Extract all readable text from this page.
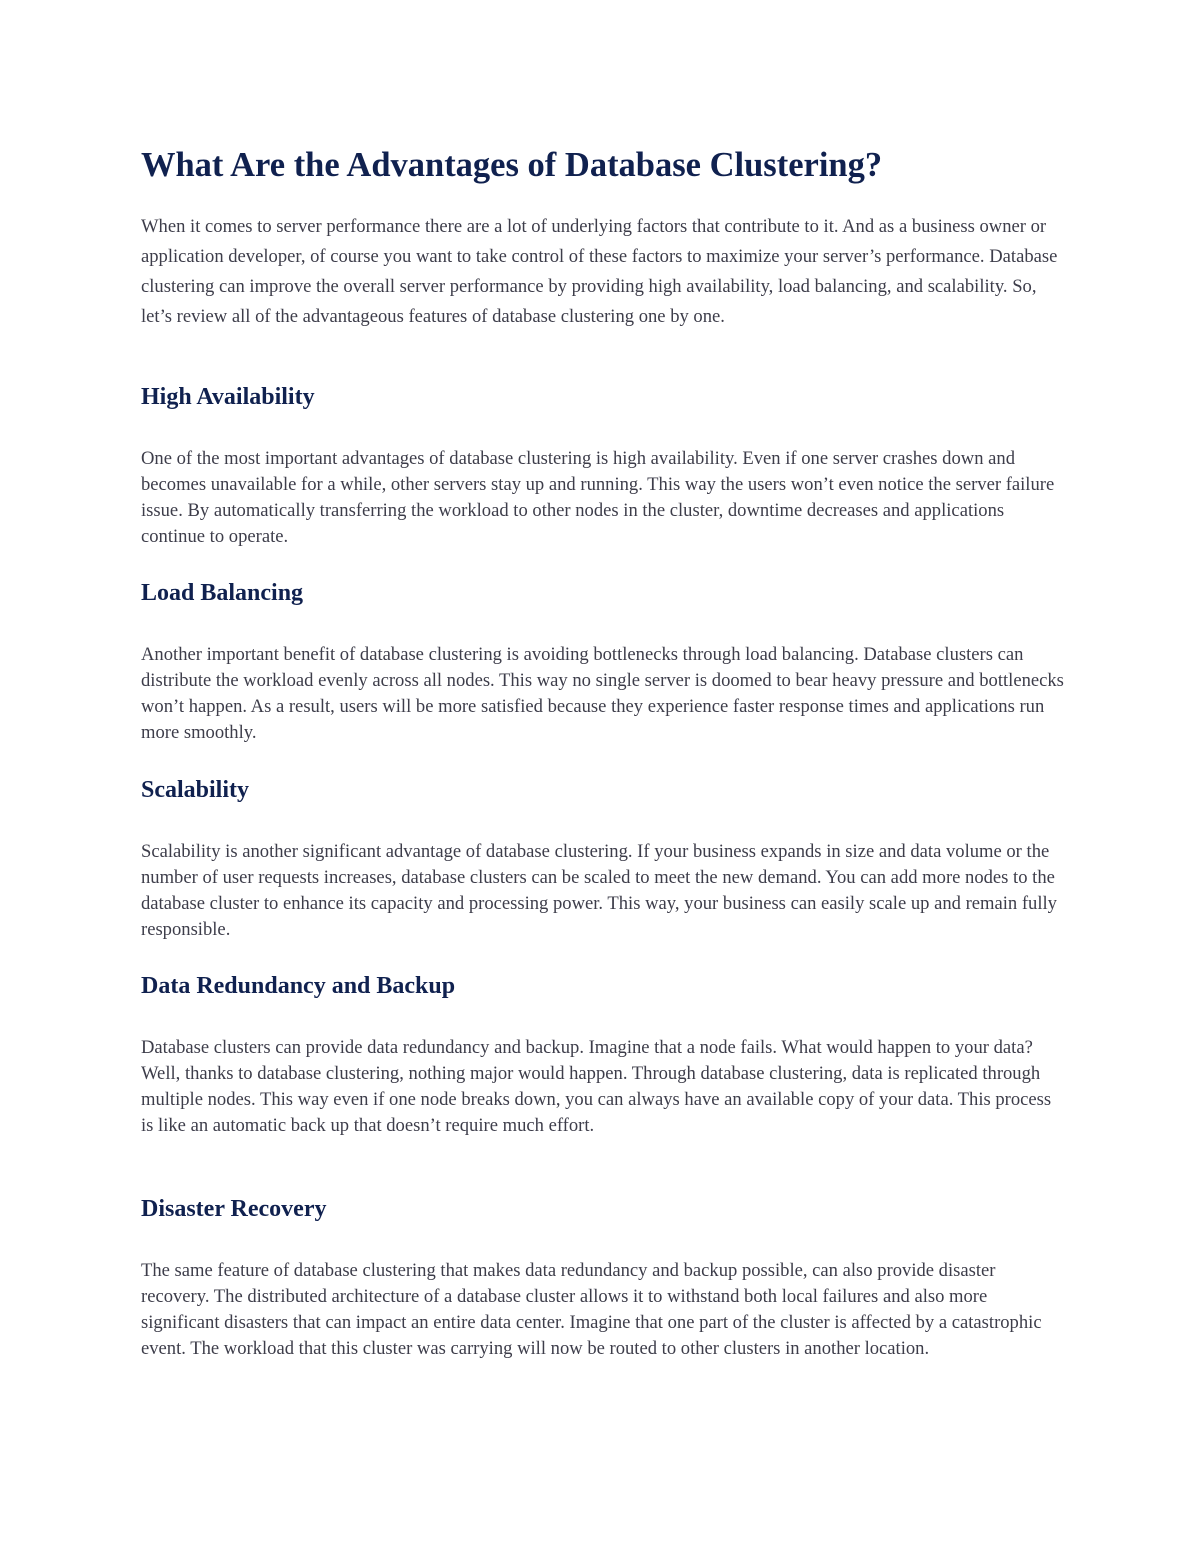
What Are the Advantages of Database Clustering?

When it comes to server performance there are a lot of underlying factors that contribute to it. And as a business owner or application developer, of course you want to take control of these factors to maximize your server’s performance. Database clustering can improve the overall server performance by providing high availability, load balancing, and scalability. So, let’s review all of the advantageous features of database clustering one by one.

High Availability

One of the most important advantages of database clustering is high availability. Even if one server crashes down and becomes unavailable for a while, other servers stay up and running. This way the users won’t even notice the server failure issue. By automatically transferring the workload to other nodes in the cluster, downtime decreases and applications continue to operate.

Load Balancing

Another important benefit of database clustering is avoiding bottlenecks through load balancing. Database clusters can distribute the workload evenly across all nodes. This way no single server is doomed to bear heavy pressure and bottlenecks won’t happen. As a result, users will be more satisfied because they experience faster response times and applications run more smoothly.

Scalability

Scalability is another significant advantage of database clustering. If your business expands in size and data volume or the number of user requests increases, database clusters can be scaled to meet the new demand. You can add more nodes to the database cluster to enhance its capacity and processing power. This way, your business can easily scale up and remain fully responsible.

Data Redundancy and Backup

Database clusters can provide data redundancy and backup. Imagine that a node fails. What would happen to your data? Well, thanks to database clustering, nothing major would happen. Through database clustering, data is replicated through multiple nodes. This way even if one node breaks down, you can always have an available copy of your data. This process is like an automatic back up that doesn’t require much effort.

Disaster Recovery

The same feature of database clustering that makes data redundancy and backup possible, can also provide disaster recovery. The distributed architecture of a database cluster allows it to withstand both local failures and also more significant disasters that can impact an entire data center. Imagine that one part of the cluster is affected by a catastrophic event. The workload that this cluster was carrying will now be routed to other clusters in another location.
